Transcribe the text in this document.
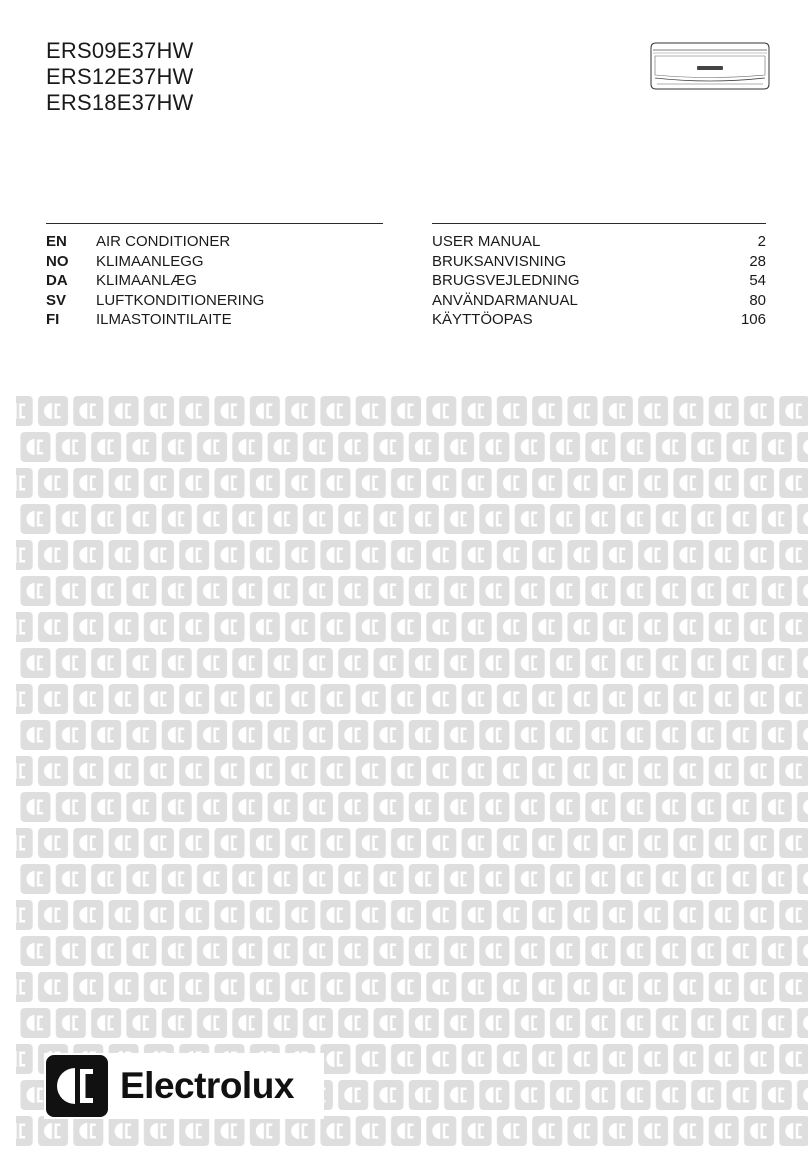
ERS09E37HW
ERS12E37HW
ERS18E37HW
EN AIR CONDITIONER	USER MANUAL	2
NO KLIMAANLEGG	BRUKSANVISNING	28
DA KLIMAANLÆG	BRUGSVEJLEDNING	54
SV LUFTKONDITIONERING	ANVÄNDARMANUAL	80
FI ILMASTOINTILAITE	KÄYTTÖOPAS	106
Electrolux
